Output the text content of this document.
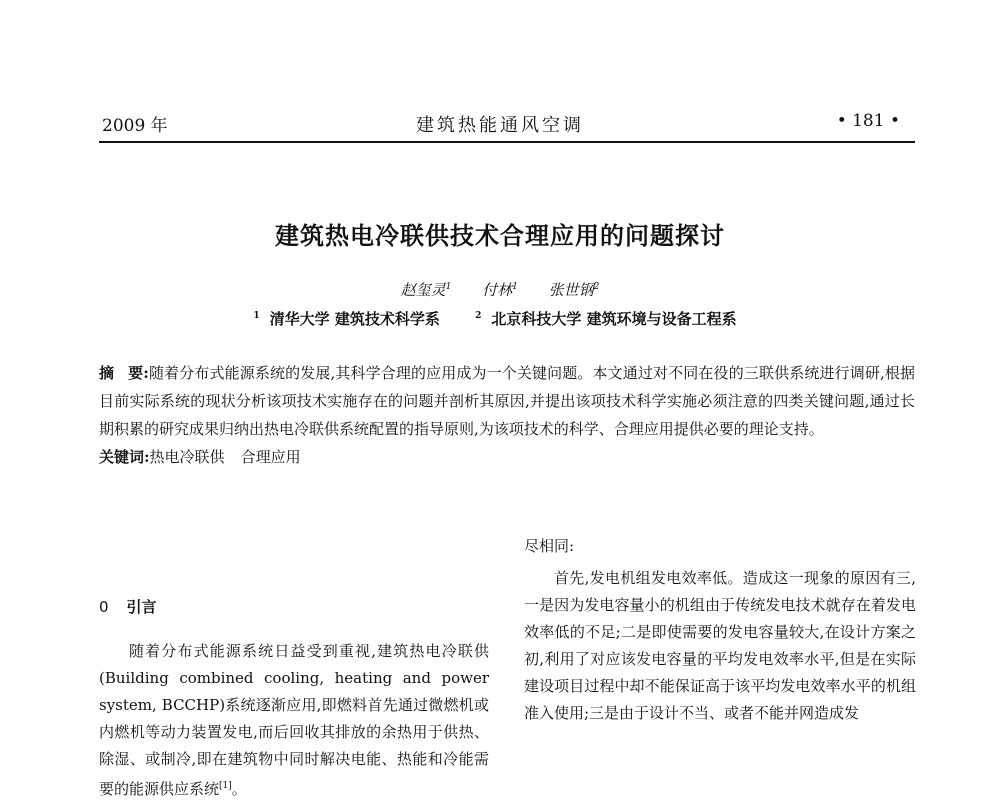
2009 年	建筑热能通风空调	• 181 •
建筑热电冷联供技术合理应用的问题探讨
赵玺灵$^1$ 付林$^1$ 张世钢$^2$
$^1$ 清华大学 建筑技术科学系	$^2$ 北京科技大学 建筑环境与设备工程系

摘要:随着分布式能源系统的发展,其科学合理的应用成为一个关键问题。本文通过对不同在役的三联供系统进行调研,根据目前实际系统的现状分析该项技术实施存在的问题并剖析其原因,并提出该项技术科学实施必须注意的四类关键问题,通过长期积累的研究成果归纳出热电冷联供系统配置的指导原则,为该项技术的科学、合理应用提供必要的理论支持。

关键词:热电冷联供 合理应用

0 引言

随着分布式能源系统日益受到重视,建筑热电冷联供(Building combined cooling, heating and power system, BCCHP)系统逐渐应用,即燃料首先通过微燃机或内燃机等动力装置发电,而后回收其排放的余热用于供热、除湿、或制冷,即在建筑物中同时解决电能、热能和冷能需要的能源供应系统[1]。

尽相同:

首先,发电机组发电效率低。造成这一现象的原因有三,一是因为发电容量小的机组由于传统发电技术就存在着发电效率低的不足;二是即使需要的发电容量较大,在设计方案之初,利用了对应该发电容量的平均发电效率水平,但是在实际建设项目过程中却不能保证高于该平均发电效率水平的机组准入使用;三是由于设计不当、或者不能并网造成发
